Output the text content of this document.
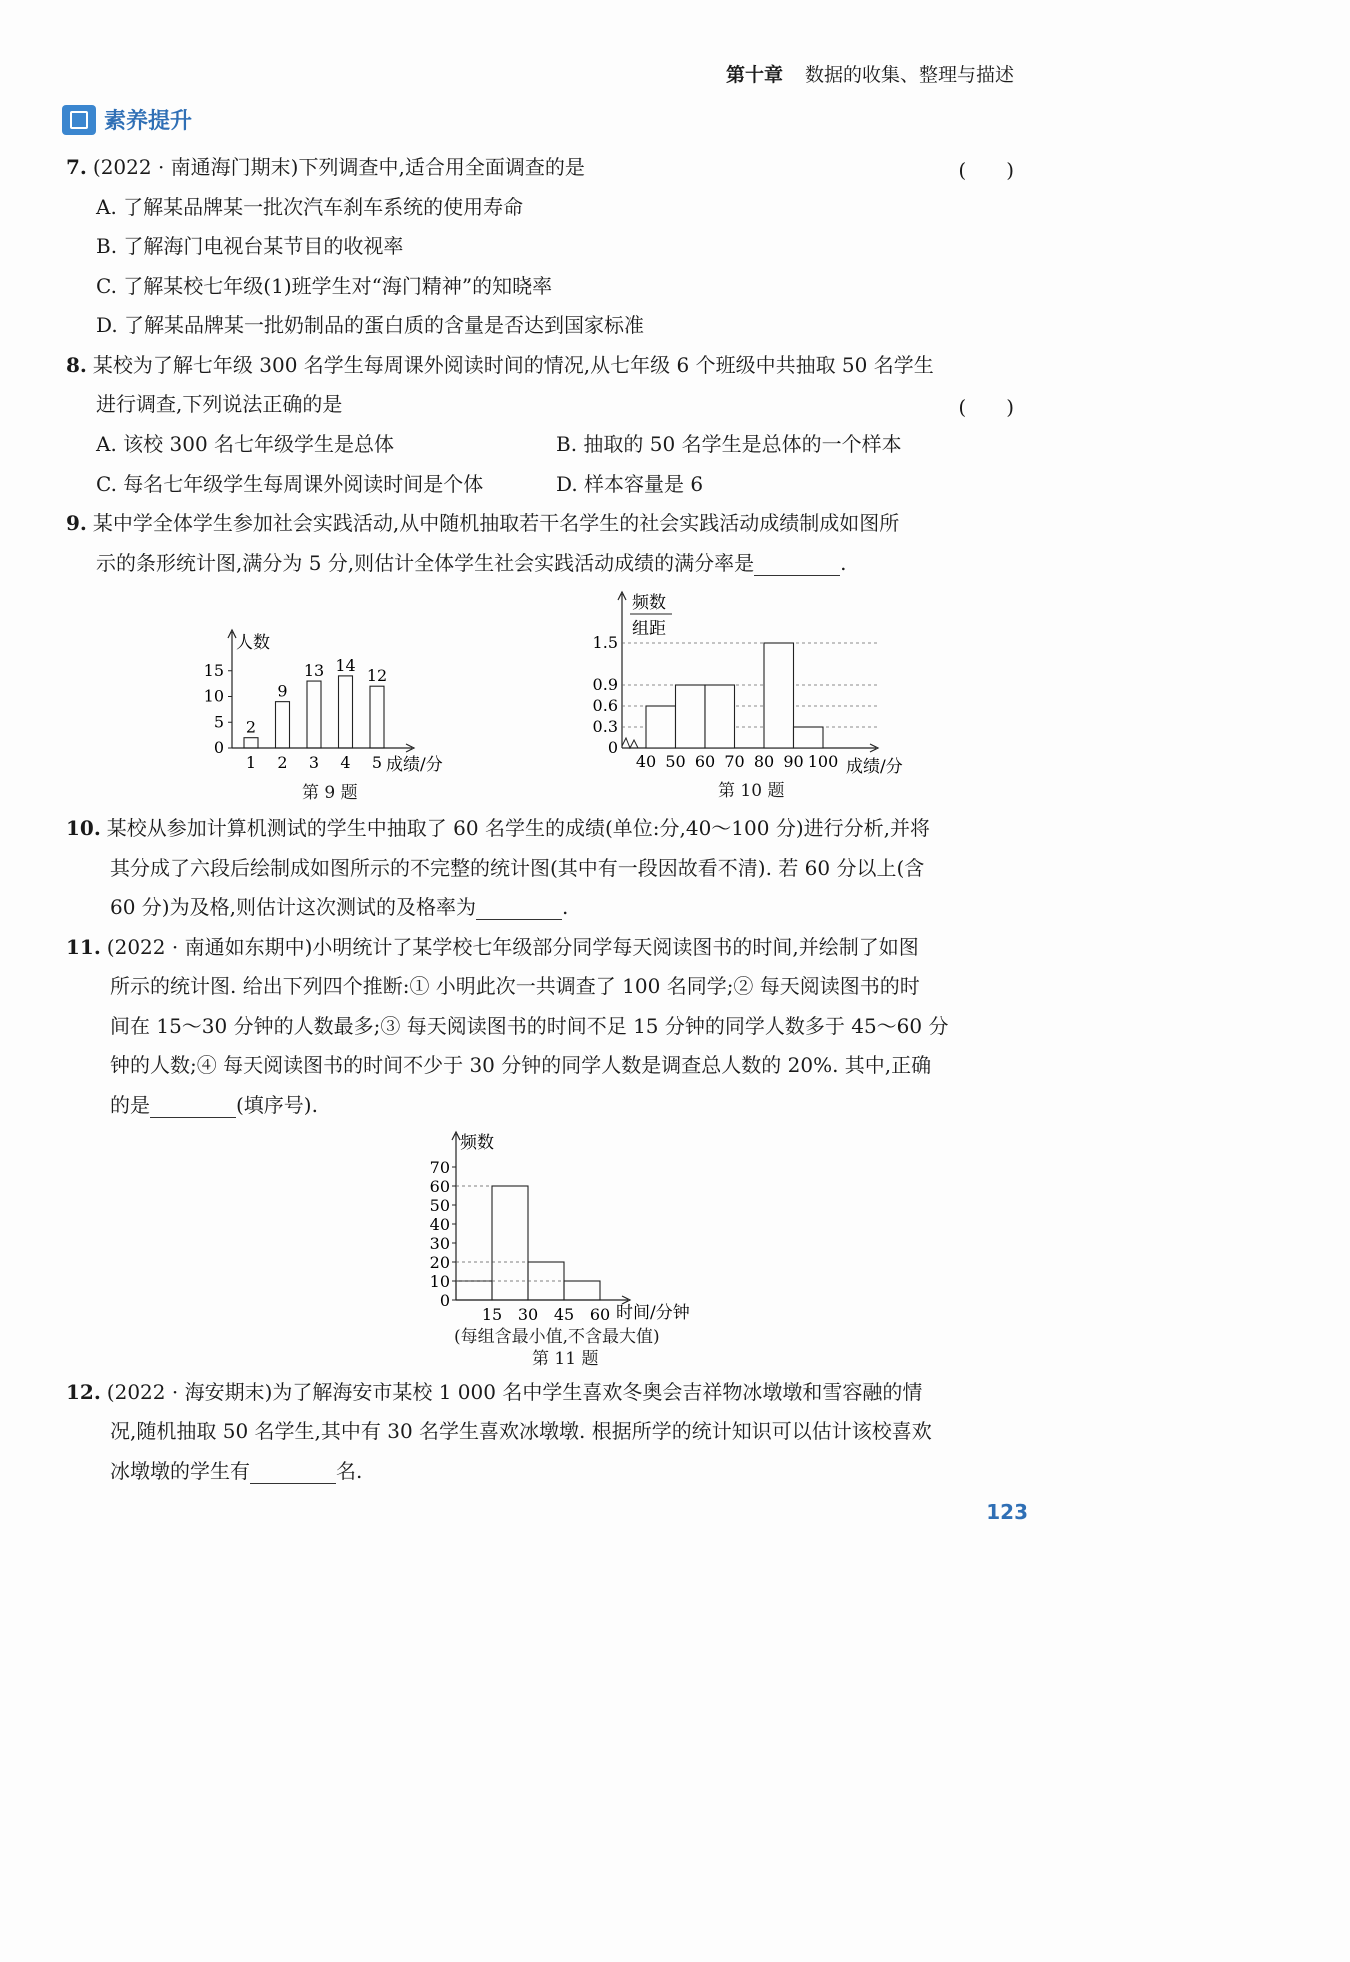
第十章 数据的收集、整理与描述
素养提升
7. (2022 · 南通海门期末)下列调查中,适合用全面调查的是	(　　)
A. 了解某品牌某一批次汽车刹车系统的使用寿命
B. 了解海门电视台某节目的收视率
C. 了解某校七年级(1)班学生对“海门精神”的知晓率
D. 了解某品牌某一批奶制品的蛋白质的含量是否达到国家标准
8. 某校为了解七年级 300 名学生每周课外阅读时间的情况,从七年级 6 个班级中共抽取 50 名学生
进行调查,下列说法正确的是	(　　)
A. 该校 300 名七年级学生是总体	B. 抽取的 50 名学生是总体的一个样本
C. 每名七年级学生每周课外阅读时间是个体	D. 样本容量是 6
9. 某中学全体学生参加社会实践活动,从中随机抽取若干名学生的社会实践活动成绩制成如图所
示的条形统计图,满分为 5 分,则估计全体学生社会实践活动成绩的满分率是	.
人数
成绩/分
0
5
10
15
2
1
9
2
13
3
14
4
12
5
第 9 题
频数
组距
成绩/分
0
0.3
0.6
0.9
1.5
40 50 60 70 80 90 100
第 10 题
10. 某校从参加计算机测试的学生中抽取了 60 名学生的成绩(单位:分,40～100 分)进行分析,并将
其分成了六段后绘制成如图所示的不完整的统计图(其中有一段因故看不清). 若 60 分以上(含
60 分)为及格,则估计这次测试的及格率为	.
11. (2022 · 南通如东期中)小明统计了某学校七年级部分同学每天阅读图书的时间,并绘制了如图
所示的统计图. 给出下列四个推断:① 小明此次一共调查了 100 名同学;② 每天阅读图书的时
间在 15～30 分钟的人数最多;③ 每天阅读图书的时间不足 15 分钟的同学人数多于 45～60 分
钟的人数;④ 每天阅读图书的时间不少于 30 分钟的同学人数是调查总人数的 20%. 其中,正确
的是	(填序号).
频数
时间/分钟
0
10
20
30
40
50
60
70
15 30 45 60
(每组含最小值,不含最大值)
第 11 题
12. (2022 · 海安期末)为了解海安市某校 1 000 名中学生喜欢冬奥会吉祥物冰墩墩和雪容融的情
况,随机抽取 50 名学生,其中有 30 名学生喜欢冰墩墩. 根据所学的统计知识可以估计该校喜欢
冰墩墩的学生有	名.
123
